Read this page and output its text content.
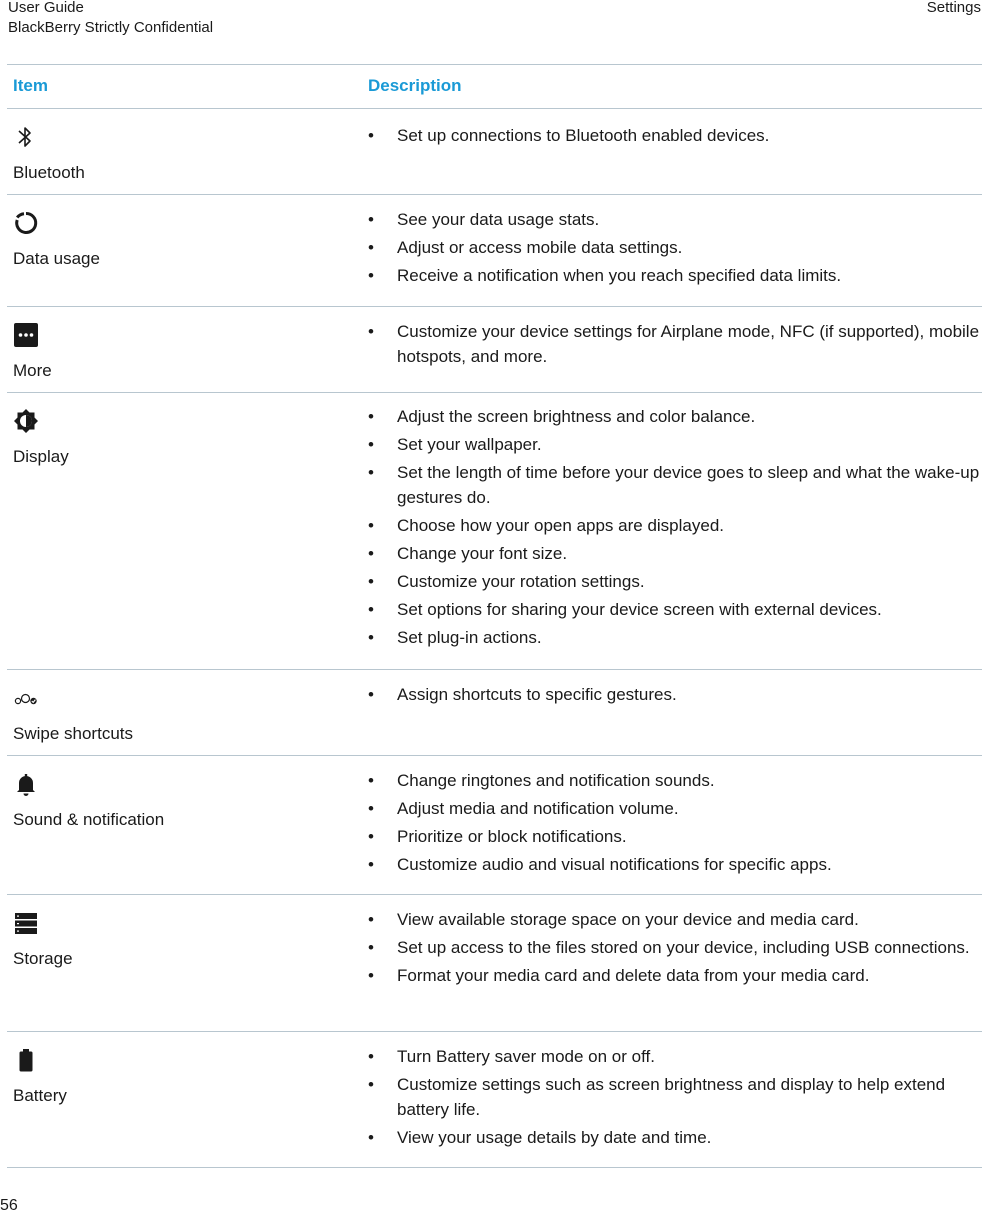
User Guide
BlackBerry Strictly Confidential
Settings
Item	Description
Bluetooth
• Set up connections to Bluetooth enabled devices.
Data usage
• See your data usage stats.
• Adjust or access mobile data settings.
• Receive a notification when you reach specified data limits.
More
• Customize your device settings for Airplane mode, NFC (if supported), mobile hotspots, and more.
Display
• Adjust the screen brightness and color balance.
• Set your wallpaper.
• Set the length of time before your device goes to sleep and what the wake-up gestures do.
• Choose how your open apps are displayed.
• Change your font size.
• Customize your rotation settings.
• Set options for sharing your device screen with external devices.
• Set plug-in actions.
Swipe shortcuts
• Assign shortcuts to specific gestures.
Sound & notification
• Change ringtones and notification sounds.
• Adjust media and notification volume.
• Prioritize or block notifications.
• Customize audio and visual notifications for specific apps.
Storage
• View available storage space on your device and media card.
• Set up access to the files stored on your device, including USB connections.
• Format your media card and delete data from your media card.
Battery
• Turn Battery saver mode on or off.
• Customize settings such as screen brightness and display to help extend battery life.
• View your usage details by date and time.
56
